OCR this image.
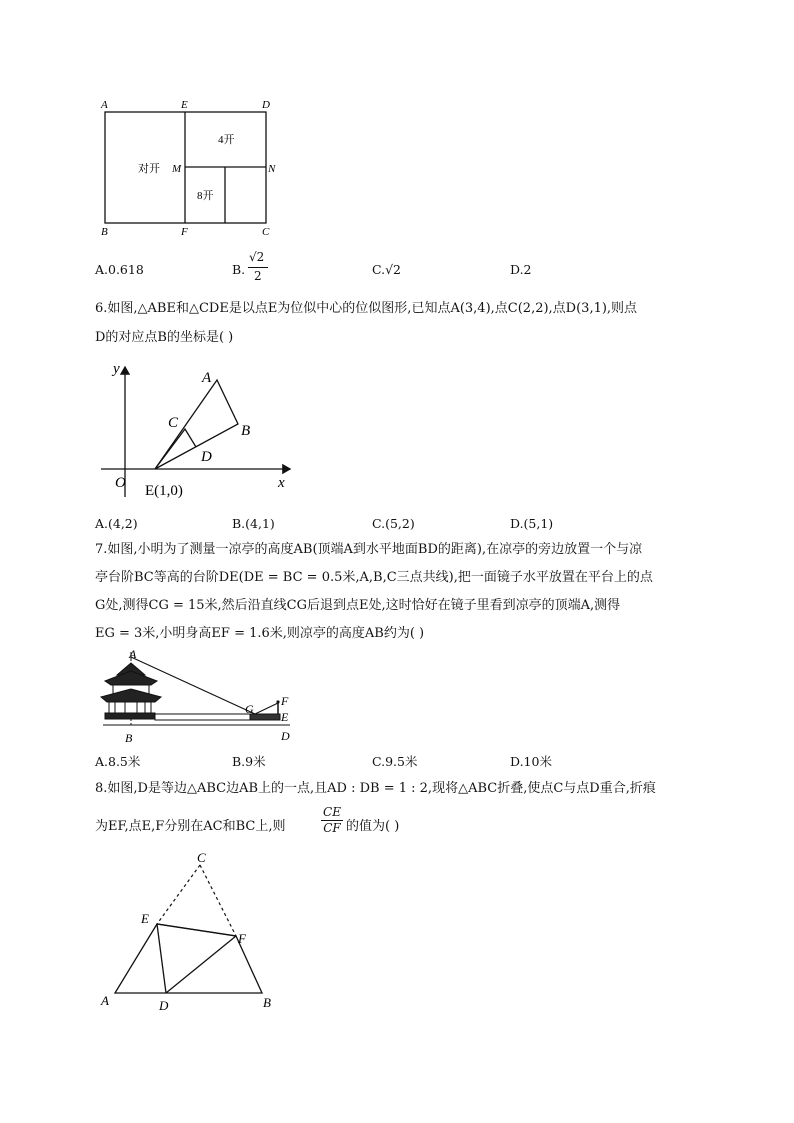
A	E	D
M	N
B	F	C
对开
4开
8开
A.0.618	B.
√2
2	C.√2	D.2
6.如图,△ABE和△CDE是以点E为位似中心的位似图形,已知点A(3,4),点C(2,2),点D(3,1),则点
D的对应点B的坐标是( )
y
x
O
A
B
C
D
E(1,0)
A.(4,2)	B.(4,1)	C.(5,2)	D.(5,1)
7.如图,小明为了测量一凉亭的高度AB(顶端A到水平地面BD的距离),在凉亭的旁边放置一个与凉
亭台阶BC等高的台阶DE(DE = BC = 0.5米,A,B,C三点共线),把一面镜子水平放置在平台上的点
G处,测得CG = 15米,然后沿直线CG后退到点E处,这时恰好在镜子里看到凉亭的顶端A,测得
EG = 3米,小明身高EF = 1.6米,则凉亭的高度AB约为( )
A
B
G
F
E
D
A.8.5米	B.9米	C.9.5米	D.10米
8.如图,D是等边△ABC边AB上的一点,且AD : DB = 1 : 2,现将△ABC折叠,使点C与点D重合,折痕
为EF,点E,F分别在AC和BC上,则
CE
CF 的值为( )
C
E
F
A	D	B
